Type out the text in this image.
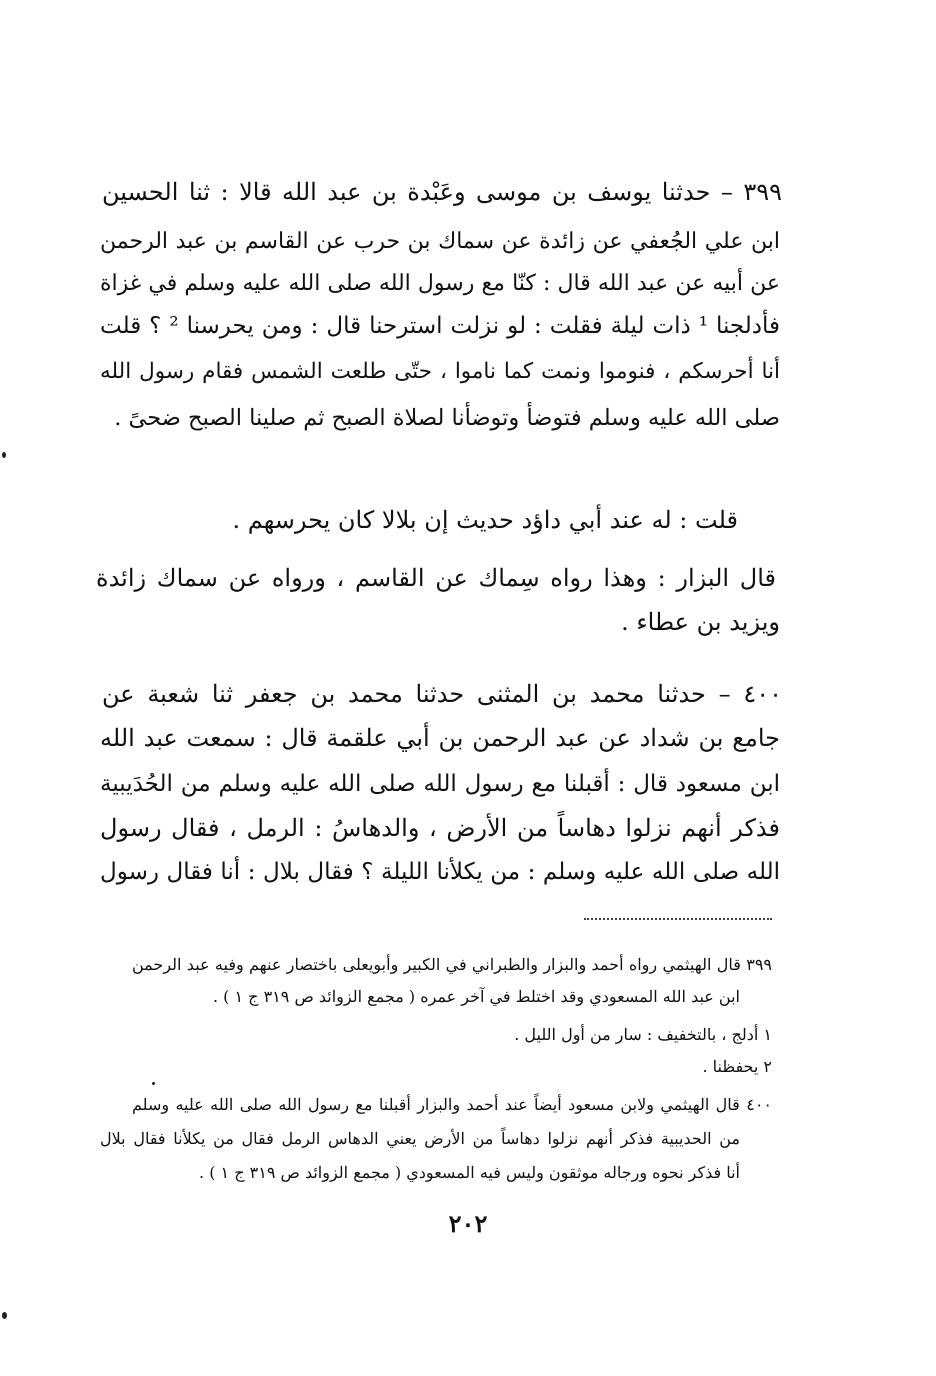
٣٩٩ – حدثنا يوسف بن موسى وعَبْدة بن عبد الله قالا : ثنا الحسين
ابن علي الجُعفي عن زائدة عن سماك بن حرب عن القاسم بن عبد الرحمن
عن أبيه عن عبد الله قال : كنّا مع رسول الله صلى الله عليه وسلم في غزاة
فأدلجنا ¹ ذات ليلة فقلت : لو نزلت استرحنا قال : ومن يحرسنا ² ؟ قلت
أنا أحرسكم ، فنوموا ونمت كما ناموا ، حتّى طلعت الشمس فقام رسول الله
صلى الله عليه وسلم فتوضأ وتوضأنا لصلاة الصبح ثم صلينا الصبح ضحىً .
قلت : له عند أبي داؤد حديث إن بلالا كان يحرسهم .
قال البزار : وهذا رواه سِماك عن القاسم ، ورواه عن سماك زائدة
ويزيد بن عطاء .
٤٠٠ – حدثنا محمد بن المثنى حدثنا محمد بن جعفر ثنا شعبة عن
جامع بن شداد عن عبد الرحمن بن أبي علقمة قال : سمعت عبد الله
ابن مسعود قال : أقبلنا مع رسول الله صلى الله عليه وسلم من الحُدَيبية
فذكر أنهم نزلوا دهاساً من الأرض ، والدهاسُ : الرمل ، فقال رسول
الله صلى الله عليه وسلم : من يكلأنا الليلة ؟ فقال بلال : أنا فقال رسول
٣٩٩ قال الهيثمي رواه أحمد والبزار والطبراني في الكبير وأبويعلى باختصار عنهم وفيه عبد الرحمن
ابن عبد الله المسعودي وقد اختلط في آخر عمره ( مجمع الزوائد ص ٣١٩ ج ١ ) .
١ أدلج ، بالتخفيف : سار من أول الليل .
٢ يحفظنا .
٤٠٠ قال الهيثمي ولابن مسعود أيضاً عند أحمد والبزار أقبلنا مع رسول الله صلى الله عليه وسلم
من الحديبية فذكر أنهم نزلوا دهاساً من الأرض يعني الدهاس الرمل فقال من يكلأنا فقال بلال
أنا فذكر نحوه ورجاله موثقون وليس فيه المسعودي ( مجمع الزوائد ص ٣١٩ ج ١ ) .
٢٠٢
